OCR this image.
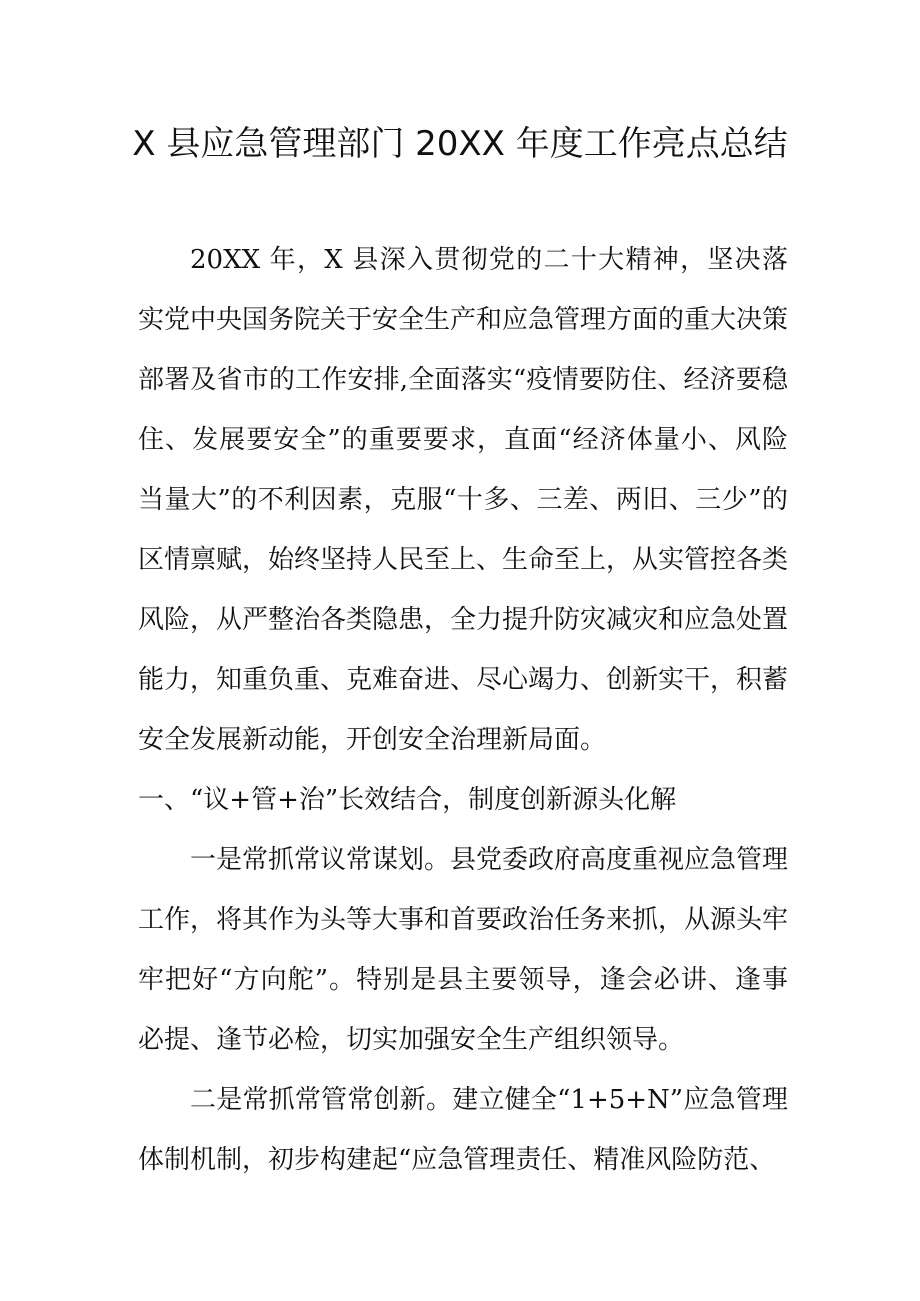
X 县应急管理部门 20XX 年度工作亮点总结

20XX 年，X 县深入贯彻党的二十大精神，坚决落实党中央国务院关于安全生产和应急管理方面的重大决策部署及省市的工作安排,全面落实“疫情要防住、经济要稳住、发展要安全”的重要要求，直面“经济体量小、风险当量大”的不利因素，克服“十多、三差、两旧、三少”的区情禀赋，始终坚持人民至上、生命至上，从实管控各类风险，从严整治各类隐患，全力提升防灾减灾和应急处置能力，知重负重、克难奋进、尽心竭力、创新实干，积蓄安全发展新动能，开创安全治理新局面。

一、“议+管+治”长效结合，制度创新源头化解

一是常抓常议常谋划。县党委政府高度重视应急管理工作，将其作为头等大事和首要政治任务来抓，从源头牢牢把好“方向舵”。特别是县主要领导，逢会必讲、逢事必提、逢节必检，切实加强安全生产组织领导。

二是常抓常管常创新。建立健全“1+5+N”应急管理体制机制，初步构建起“应急管理责任、精准风险防范、
